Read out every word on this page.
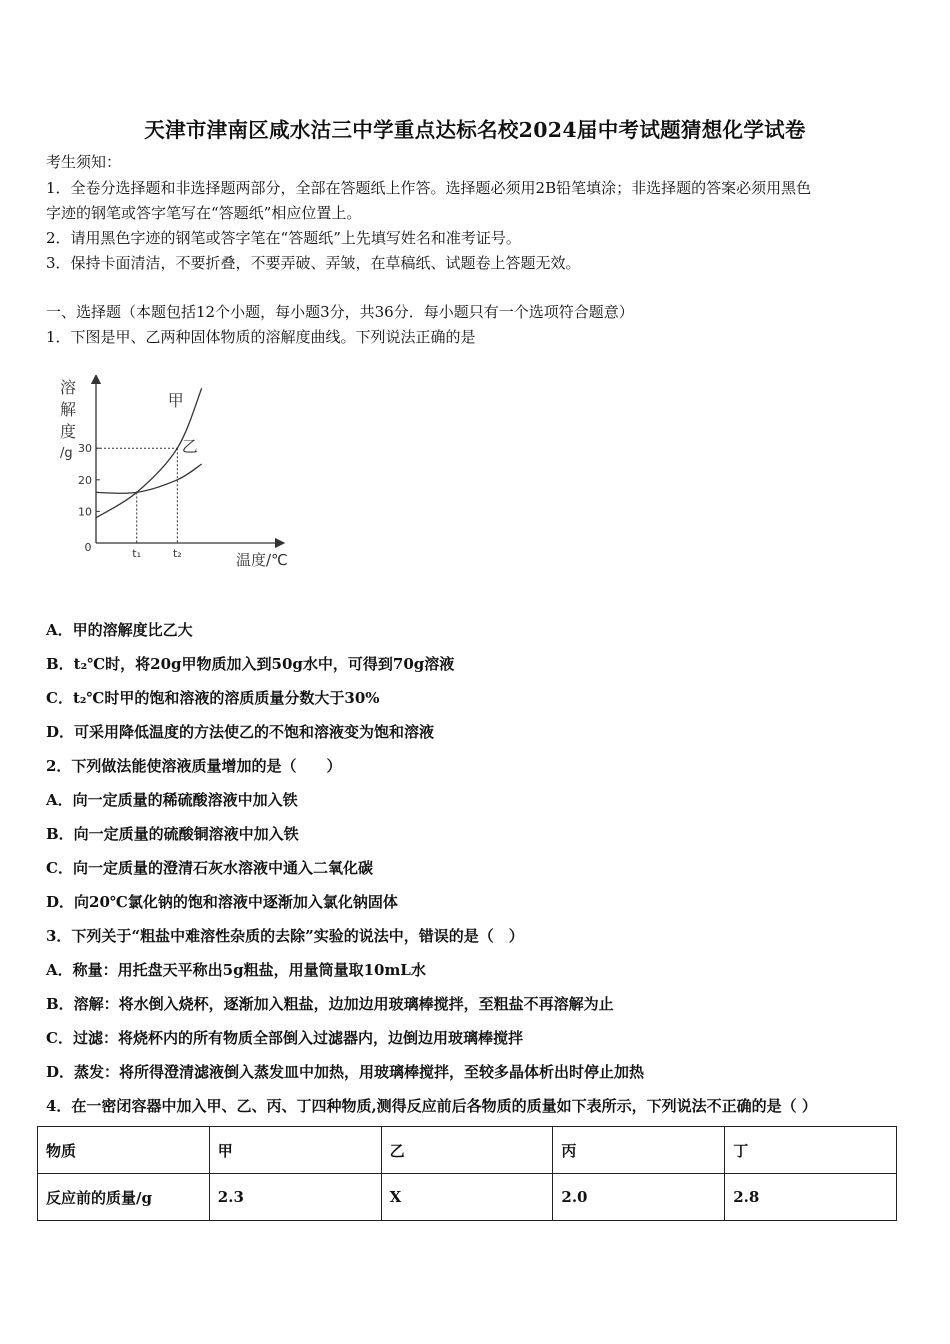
天津市津南区咸水沽三中学重点达标名校2024届中考试题猜想化学试卷
考生须知：
1．全卷分选择题和非选择题两部分，全部在答题纸上作答。选择题必须用2B铅笔填涂；非选择题的答案必须用黑色
字迹的钢笔或答字笔写在“答题纸”相应位置上。
2．请用黑色字迹的钢笔或答字笔在“答题纸”上先填写姓名和准考证号。
3．保持卡面清洁，不要折叠，不要弄破、弄皱，在草稿纸、试题卷上答题无效。
一、选择题（本题包括12个小题，每小题3分，共36分．每小题只有一个选项符合题意）
1．下图是甲、乙两种固体物质的溶解度曲线。下列说法正确的是
溶
解
度
/g
10
20
30
t₁	t₂
甲
乙
0
温度/℃
A．甲的溶解度比乙大
B．t₂℃时，将20g甲物质加入到50g水中，可得到70g溶液
C．t₂℃时甲的饱和溶液的溶质质量分数大于30%
D．可采用降低温度的方法使乙的不饱和溶液变为饱和溶液
2．下列做法能使溶液质量增加的是（　　）
A．向一定质量的稀硫酸溶液中加入铁
B．向一定质量的硫酸铜溶液中加入铁
C．向一定质量的澄清石灰水溶液中通入二氧化碳
D．向20℃氯化钠的饱和溶液中逐渐加入氯化钠固体
3．下列关于“粗盐中难溶性杂质的去除”实验的说法中，错误的是（　）
A．称量：用托盘天平称出5g粗盐，用量筒量取10mL水
B．溶解：将水倒入烧杯，逐渐加入粗盐，边加边用玻璃棒搅拌，至粗盐不再溶解为止
C．过滤：将烧杯内的所有物质全部倒入过滤器内，边倒边用玻璃棒搅拌
D．蒸发：将所得澄清滤液倒入蒸发皿中加热，用玻璃棒搅拌，至较多晶体析出时停止加热
4．在一密闭容器中加入甲、乙、丙、丁四种物质,测得反应前后各物质的质量如下表所示，下列说法不正确的是（ ）
物质	甲	乙	丙	丁
反应前的质量/g	2.3	X	2.0	2.8
